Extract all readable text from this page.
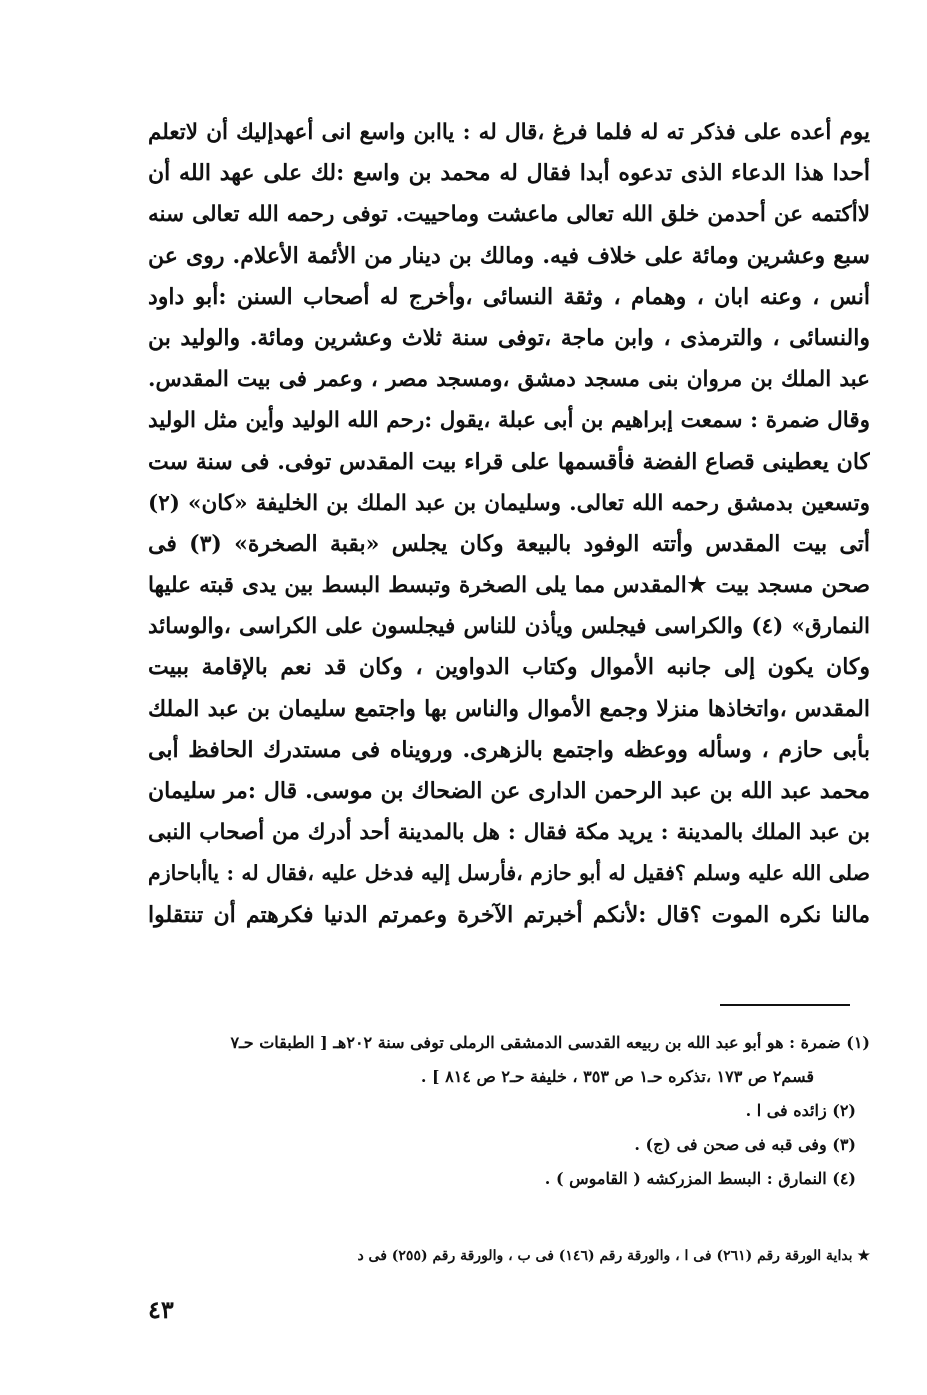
يوم أعده على فذكر ته له فلما فرغ ،قال له : ياابن واسع انى أعهدإليك أن لاتعلم
أحدا هذا الدعاء الذى تدعوه أبدا فقال له محمد بن واسع :لك على عهد الله أن
لاأكتمه عن أحدمن خلق الله تعالى ماعشت وماحييت. توفى رحمه الله تعالى سنه
سبع وعشرين ومائة على خلاف فيه. ومالك بن دينار من الأئمة الأعلام. روى عن
أنس ، وعنه ابان ، وهمام ، وثقة النسائى ،وأخرج له أصحاب السنن :أبو داود
والنسائى ، والترمذى ، وابن ماجة ،توفى سنة ثلاث وعشرين ومائة. والوليد بن
عبد الملك بن مروان بنى مسجد دمشق ،ومسجد مصر ، وعمر فى بيت المقدس.
وقال ضمرة : سمعت إبراهيم بن أبى عبلة ،يقول :رحم الله الوليد وأين مثل الوليد
كان يعطينى قصاع الفضة فأقسمها على قراء بيت المقدس توفى. فى سنة ست
وتسعين بدمشق رحمه الله تعالى. وسليمان بن عبد الملك بن الخليفة «كان» (٢)
أتى بيت المقدس وأتته الوفود بالبيعة وكان يجلس «بقبة الصخرة» (٣) فى
صحن مسجد بيت ★المقدس مما يلى الصخرة وتبسط البسط بين يدى قبته عليها
النمارق» (٤) والكراسى فيجلس ويأذن للناس فيجلسون على الكراسى ،والوسائد
وكان يكون إلى جانبه الأموال وكتاب الدواوين ، وكان قد نعم بالإقامة ببيت
المقدس ،واتخاذها منزلا وجمع الأموال والناس بها واجتمع سليمان بن عبد الملك
بأبى حازم ، وسأله ووعظه واجتمع بالزهرى. ورويناه فى مستدرك الحافظ أبى
محمد عبد الله بن عبد الرحمن الدارى عن الضحاك بن موسى. قال :مر سليمان
بن عبد الملك بالمدينة : يريد مكة فقال : هل بالمدينة أحد أدرك من أصحاب النبى
صلى الله عليه وسلم ؟فقيل له أبو حازم ،فأرسل إليه فدخل عليه ،فقال له : ياأباحازم
مالنا نكره الموت ؟قال :لأنكم أخبرتم الآخرة وعمرتم الدنيا فكرهتم أن تنتقلوا
(١) ضمرة : هو أبو عبد الله بن ربيعه القدسى الدمشقى الرملى توفى سنة ٢٠٢هـ [ الطبقات حـ٧
قسم٢ ص ١٧٣ ،تذكره حـ١ ص ٣٥٣ ، خليفة حـ٢ ص ٨١٤ ] .
(٢) زائده فى ا .
(٣) وفى قبه فى صحن فى (ج) .
(٤) النمارق : البسط المزركشه ( القاموس ) .
★ بداية الورقة رقم (٢٦١) فى ا ، والورقة رقم (١٤٦) فى ب ، والورقة رقم (٢٥٥) فى د
٤٣
